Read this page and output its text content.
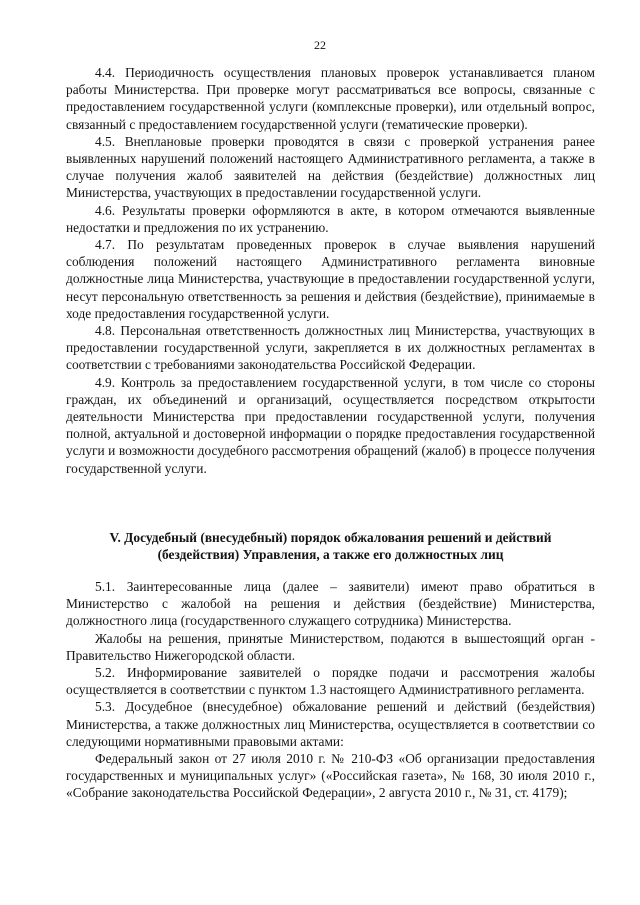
22

4.4. Периодичность осуществления плановых проверок устанавливается планом работы Министерства. При проверке могут рассматриваться все вопросы, связанные с предоставлением государственной услуги (комплексные проверки), или отдельный вопрос, связанный с предоставлением государственной услуги (тематические проверки).

4.5. Внеплановые проверки проводятся в связи с проверкой устранения ранее выявленных нарушений положений настоящего Административного регламента, а также в случае получения жалоб заявителей на действия (бездействие) должностных лиц Министерства, участвующих в предоставлении государственной услуги.

4.6. Результаты проверки оформляются в акте, в котором отмечаются выявленные недостатки и предложения по их устранению.

4.7. По результатам проведенных проверок в случае выявления нарушений соблюдения положений настоящего Административного регламента виновные должностные лица Министерства, участвующие в предоставлении государственной услуги, несут персональную ответственность за решения и действия (бездействие), принимаемые в ходе предоставления государственной услуги.

4.8. Персональная ответственность должностных лиц Министерства, участвующих в предоставлении государственной услуги, закрепляется в их должностных регламентах в соответствии с требованиями законодательства Российской Федерации.

4.9. Контроль за предоставлением государственной услуги, в том числе со стороны граждан, их объединений и организаций, осуществляется посредством открытости деятельности Министерства при предоставлении государственной услуги, получения полной, актуальной и достоверной информации о порядке предоставления государственной услуги и возможности досудебного рассмотрения обращений (жалоб) в процессе получения государственной услуги.

V. Досудебный (внесудебный) порядок обжалования решений и действий (бездействия) Управления, а также его должностных лиц

5.1. Заинтересованные лица (далее – заявители) имеют право обратиться в Министерство с жалобой на решения и действия (бездействие) Министерства, должностного лица (государственного служащего сотрудника) Министерства.

Жалобы на решения, принятые Министерством, подаются в вышестоящий орган - Правительство Нижегородской области.

5.2. Информирование заявителей о порядке подачи и рассмотрения жалобы осуществляется в соответствии с пунктом 1.3 настоящего Административного регламента.

5.3. Досудебное (внесудебное) обжалование решений и действий (бездействия) Министерства, а также должностных лиц Министерства, осуществляется в соответствии со следующими нормативными правовыми актами:

Федеральный закон от 27 июля 2010 г. № 210-ФЗ «Об организации предоставления государственных и муниципальных услуг» («Российская газета», № 168, 30 июля 2010 г., «Собрание законодательства Российской Федерации», 2 августа 2010 г., № 31, ст. 4179);
